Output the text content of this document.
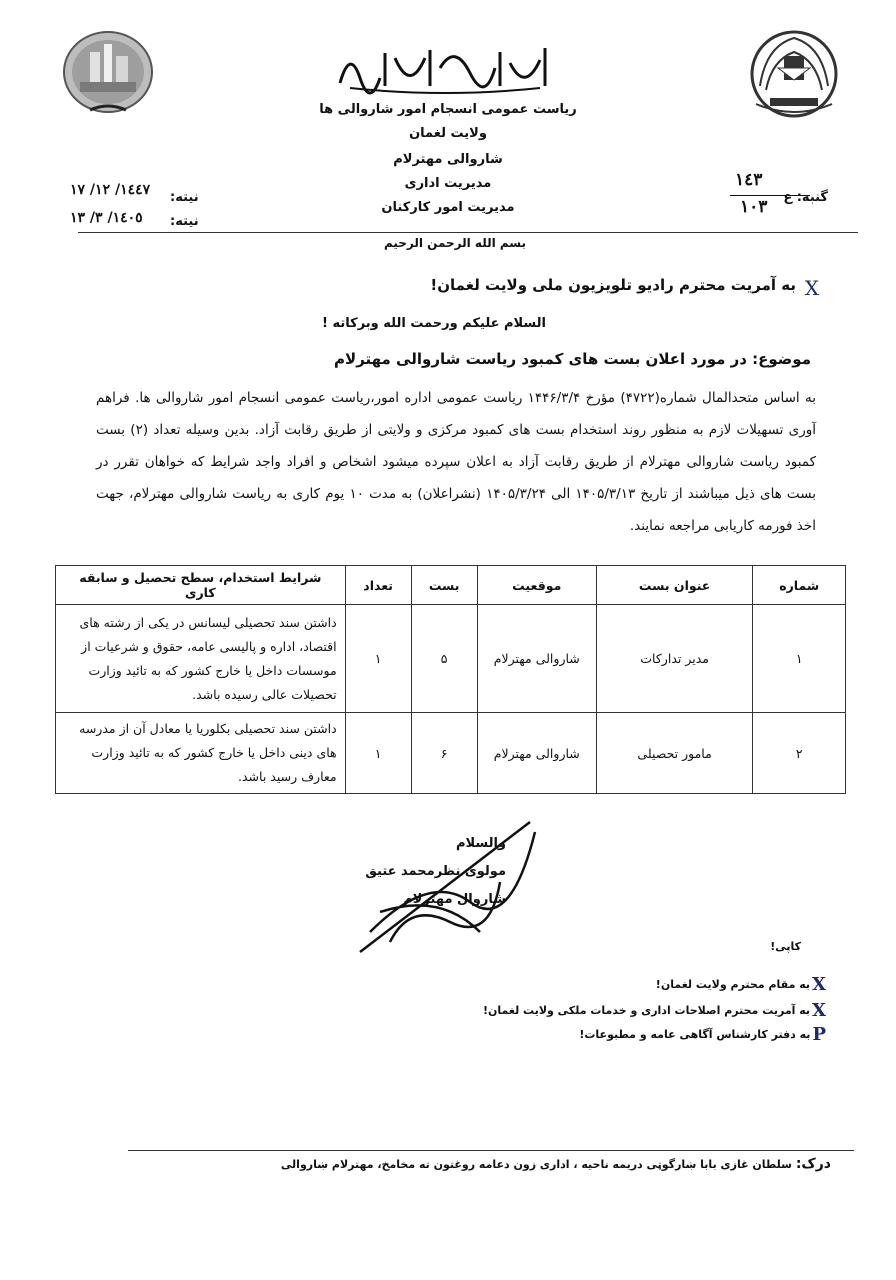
ریاست عمومی انسجام امور شاروالی ها
ولایت لغمان
شاروالی مهترلام
مدیریت اداری
مدیریت امور کارکنان
گنبه: ع
١٤٣
١٠٣
نیته:
١٤٤٧/ ١٢/ ١٧
نیته:
١٤٠٥/ ٣/ ١٣
بسم الله الرحمن الرحيم
X
به آمریت محترم رادیو تلویزیون ملی ولایت لغمان!
السلام علیکم ورحمت الله وبرکاته !
موضوع: در مورد اعلان بست های کمبود ریاست شاروالی مهترلام
به اساس متحدالمال شماره(۴۷۲۲) مؤرخ ۱۴۴۶/۳/۴ ریاست عمومی اداره امور،ریاست عمومی انسجام امور شاروالی ها. فراهم آوری تسهیلات لازم به منظور روند استخدام بست های کمبود مرکزی و ولایتی از طریق رقابت آزاد. بدین وسیله تعداد (۲) بست کمبود ریاست شاروالی مهترلام از طریق رقابت آزاد به اعلان سپرده میشود اشخاص و افراد واجد شرایط که خواهان تقرر در بست های ذیل میباشند از تاریخ ۱۴۰۵/۳/۱۳ الی ۱۴۰۵/۳/۲۴ (نشراعلان) به مدت ۱۰ یوم کاری به ریاست شاروالی مهترلام، جهت اخذ فورمه کاریابی مراجعه نمایند.
شماره	عنوان بست	موقعیت	بست	تعداد	شرایط استخدام، سطح تحصیل و سابقه کاری
۱	مدیر تدارکات	شاروالی مهترلام	۵	۱	داشتن سند تحصیلی لیسانس در یکی از رشته های اقتصاد، اداره و پالیسی عامه، حقوق و شرعیات از موسسات داخل یا خارج کشور که به تائید وزارت تحصیلات عالی رسیده باشد.
۲	مامور تحصیلی	شاروالی مهترلام	۶	۱	داشتن سند تحصیلی بکلوریا یا معادل آن از مدرسه های دینی داخل یا خارج کشور که به تائید وزارت معارف رسید باشد.
والسلام
مولوی نظرمحمد عتیق
شاروال مهترلام
کاپی!
X
به مقام محترم ولایت لغمان!
X
به آمریت محترم اصلاحات اداری و خدمات ملکی ولایت لغمان!
P
به دفتر کارشناس آگاهی عامه و مطبوعات!
درک: سلطان غازی بابا ښارگوټی دریمه ناحیه ، اداری زون دعامه روغتون ته مخامخ، مهترلام ښاروالی
